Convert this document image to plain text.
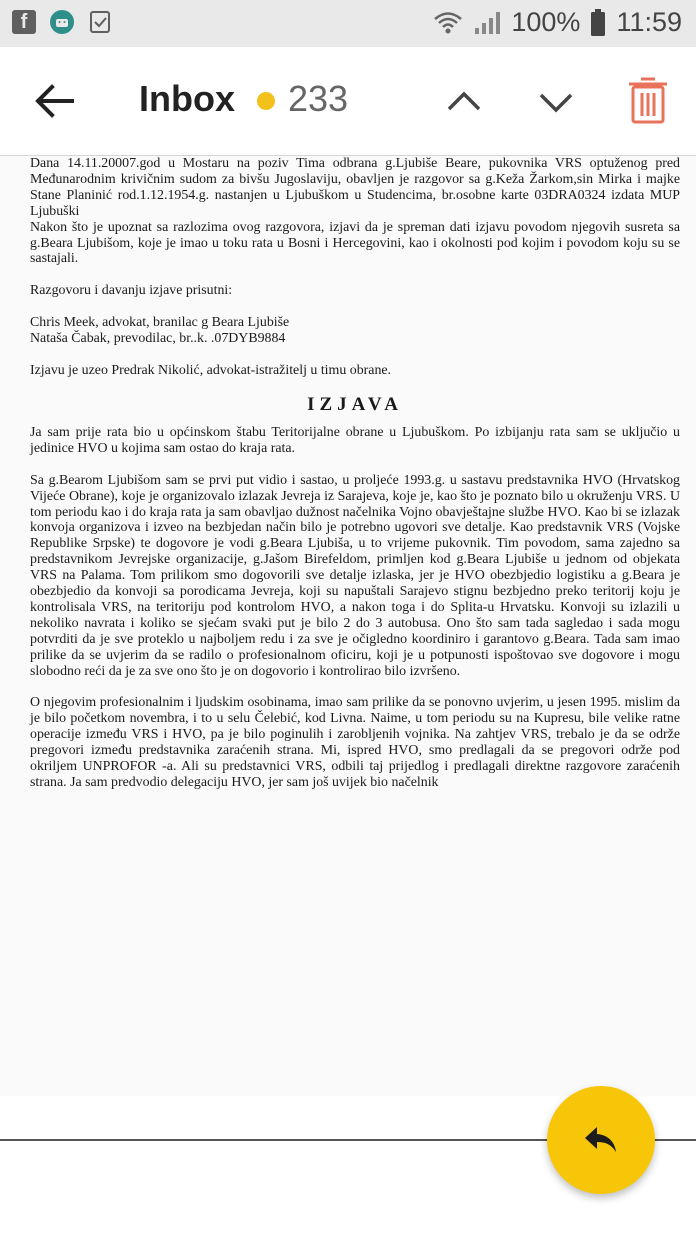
f	100% 11:59
Inbox 233

Dana 14.11.20007.god u Mostaru na poziv Tima odbrana g.Ljubiše Beare, pukovnika VRS optuženog pred Međunarodnim krivičnim sudom za bivšu Jugoslaviju, obavljen je razgovor sa g.Keža Žarkom,sin Mirka i majke Stane Planinić rod.1.12.1954.g. nastanjen u Ljubuškom u Studencima, br.osobne karte 03DRA0324 izdata MUP Ljubuški

Nakon što je upoznat sa razlozima ovog razgovora, izjavi da je spreman dati izjavu povodom njegovih susreta sa g.Beara Ljubišom, koje je imao u toku rata u Bosni i Hercegovini, kao i okolnosti pod kojim i povodom koju su se sastajali.

Razgovoru i davanju izjave prisutni:

Chris Meek, advokat, branilac g Beara Ljubiše

Nataša Čabak, prevodilac, br..k. .07DYB9884

Izjavu je uzeo Predrak Nikolić, advokat-istražitelj u timu obrane.

IZJAVA

Ja sam prije rata bio u općinskom štabu Teritorijalne obrane u Ljubuškom. Po izbijanju rata sam se uključio u jedinice HVO u kojima sam ostao do kraja rata.

Sa g.Bearom Ljubišom sam se prvi put vidio i sastao, u proljeće 1993.g. u sastavu predstavnika HVO (Hrvatskog Vijeće Obrane), koje je organizovalo izlazak Jevreja iz Sarajeva, koje je, kao što je poznato bilo u okruženju VRS. U tom periodu kao i do kraja rata ja sam obavljao dužnost načelnika Vojno obavještajne službe HVO. Kao bi se izlazak konvoja organizova i izveo na bezbjedan način bilo je potrebno ugovori sve detalje. Kao predstavnik VRS (Vojske Republike Srpske) te dogovore je vodi g.Beara Ljubiša, u to vrijeme pukovnik. Tim povodom, sama zajedno sa predstavnikom Jevrejske organizacije, g.Jašom Birefeldom, primljen kod g.Beara Ljubiše u jednom od objekata VRS na Palama. Tom prilikom smo dogovorili sve detalje izlaska, jer je HVO obezbjedio logistiku a g.Beara je obezbjedio da konvoji sa porodicama Jevreja, koji su napuštali Sarajevo stignu bezbjedno preko teritorij koju je kontrolisala VRS, na teritoriju pod kontrolom HVO, a nakon toga i do Splita-u Hrvatsku. Konvoji su izlazili u nekoliko navrata i koliko se sjećam svaki put je bilo 2 do 3 autobusa. Ono što sam tada sagledao i sada mogu potvrditi da je sve proteklo u najboljem redu i za sve je očigledno koordiniro i garantovo g.Beara. Tada sam imao prilike da se uvjerim da se radilo o profesionalnom oficiru, koji je u potpunosti ispoštovao sve dogovore i mogu slobodno reći da je za sve ono što je on dogovorio i kontrolirao bilo izvršeno.

O njegovim profesionalnim i ljudskim osobinama, imao sam prilike da se ponovno uvjerim, u jesen 1995. mislim da je bilo početkom novembra, i to u selu Čelebić, kod Livna. Naime, u tom periodu su na Kupresu, bile velike ratne operacije između VRS i HVO, pa je bilo poginulih i zarobljenih vojnika. Na zahtjev VRS, trebalo je da se održe pregovori između predstavnika zaraćenih strana. Mi, ispred HVO, smo predlagali da se pregovori održe pod okriljem UNPROFOR -a. Ali su predstavnici VRS, odbili taj prijedlog i predlagali direktne razgovore zaraćenih strana. Ja sam predvodio delegaciju HVO, jer sam još uvijek bio načelnik
